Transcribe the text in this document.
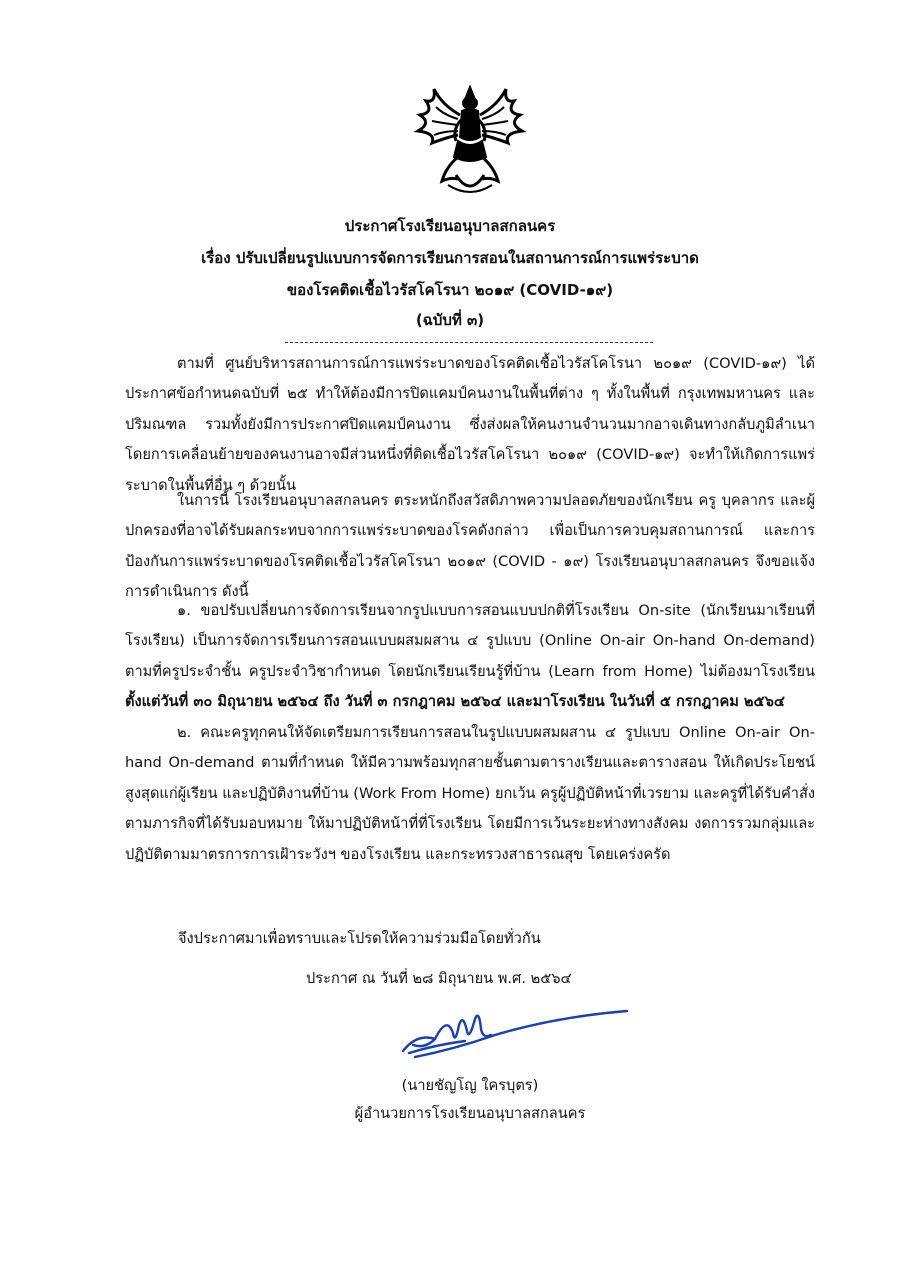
ประกาศโรงเรียนอนุบาลสกลนคร
เรื่อง ปรับเปลี่ยนรูปแบบการจัดการเรียนการสอนในสถานการณ์การแพร่ระบาด
ของโรคติดเชื้อไวรัสโคโรนา ๒๐๑๙ (COVID-๑๙)
(ฉบับที่ ๓)

ตามที่ ศูนย์บริหารสถานการณ์การแพร่ระบาดของโรคติดเชื้อไวรัสโคโรนา ๒๐๑๙ (COVID-๑๙) ได้ประกาศข้อกำหนดฉบับที่ ๒๕ ทำให้ต้องมีการปิดแคมป์คนงานในพื้นที่ต่าง ๆ ทั้งในพื้นที่ กรุงเทพมหานคร และปริมณฑล รวมทั้งยังมีการประกาศปิดแคมป์คนงาน ซึ่งส่งผลให้คนงานจำนวนมากอาจเดินทางกลับภูมิลำเนา โดยการเคลื่อนย้ายของคนงานอาจมีส่วนหนึ่งที่ติดเชื้อไวรัสโคโรนา ๒๐๑๙ (COVID-๑๙) จะทำให้เกิดการแพร่ระบาดในพื้นที่อื่น ๆ ด้วยนั้น

ในการนี้ โรงเรียนอนุบาลสกลนคร ตระหนักถึงสวัสดิภาพความปลอดภัยของนักเรียน ครู บุคลากร และผู้ปกครองที่อาจได้รับผลกระทบจากการแพร่ระบาดของโรคดังกล่าว เพื่อเป็นการควบคุมสถานการณ์ และการป้องกันการแพร่ระบาดของโรคติดเชื้อไวรัสโคโรนา ๒๐๑๙ (COVID - ๑๙) โรงเรียนอนุบาลสกลนคร จึงขอแจ้งการดำเนินการ ดังนี้

๑. ขอปรับเปลี่ยนการจัดการเรียนจากรูปแบบการสอนแบบปกติที่โรงเรียน On-site (นักเรียนมาเรียนที่โรงเรียน) เป็นการจัดการเรียนการสอนแบบผสมผสาน ๔ รูปแบบ (Online On-air On-hand On-demand) ตามที่ครูประจำชั้น ครูประจำวิชากำหนด โดยนักเรียนเรียนรู้ที่บ้าน (Learn from Home) ไม่ต้องมาโรงเรียน ตั้งแต่วันที่ ๓๐ มิถุนายน ๒๕๖๔ ถึง วันที่ ๓ กรกฎาคม ๒๕๖๔ และมาโรงเรียน ในวันที่ ๕ กรกฎาคม ๒๕๖๔

๒. คณะครูทุกคนให้จัดเตรียมการเรียนการสอนในรูปแบบผสมผสาน ๔ รูปแบบ Online On-air On-hand On-demand ตามที่กำหนด ให้มีความพร้อมทุกสายชั้นตามตารางเรียนและตารางสอน ให้เกิดประโยชน์สูงสุดแก่ผู้เรียน และปฏิบัติงานที่บ้าน (Work From Home) ยกเว้น ครูผู้ปฏิบัติหน้าที่เวรยาม และครูที่ได้รับคำสั่งตามภารกิจที่ได้รับมอบหมาย ให้มาปฏิบัติหน้าที่ที่โรงเรียน โดยมีการเว้นระยะห่างทางสังคม งดการรวมกลุ่มและปฏิบัติตามมาตรการการเฝ้าระวังฯ ของโรงเรียน และกระทรวงสาธารณสุข โดยเคร่งครัด

จึงประกาศมาเพื่อทราบและโปรดให้ความร่วมมือโดยทั่วกัน
ประกาศ ณ วันที่ ๒๘ มิถุนายน พ.ศ. ๒๕๖๔
(นายชัญโญ ใครบุตร)
ผู้อำนวยการโรงเรียนอนุบาลสกลนคร
